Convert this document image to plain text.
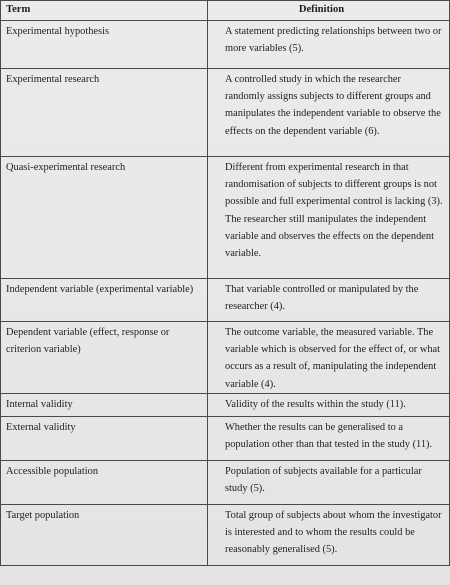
Term	Definition
Experimental hypothesis	A statement predicting relationships between two or more variables (5).
Experimental research	A controlled study in which the researcher randomly assigns subjects to different groups and manipulates the independent variable to observe the effects on the dependent variable (6).
Quasi-experimental research	Different from experimental research in that randomisation of subjects to different groups is not possible and full experimental control is lacking (3). The researcher still manipulates the independent variable and observes the effects on the dependent variable.
Independent variable (experimental variable)	That variable controlled or manipulated by the researcher (4).
Dependent variable (effect, response or criterion variable)	The outcome variable, the measured variable. The variable which is observed for the effect of, or what occurs as a result of, manipulating the independent variable (4).
Internal validity	Validity of the results within the study (11).
External validity	Whether the results can be generalised to a population other than that tested in the study (11).
Accessible population	Population of subjects available for a particular study (5).
Target population	Total group of subjects about whom the investigator is interested and to whom the results could be reasonably generalised (5).
